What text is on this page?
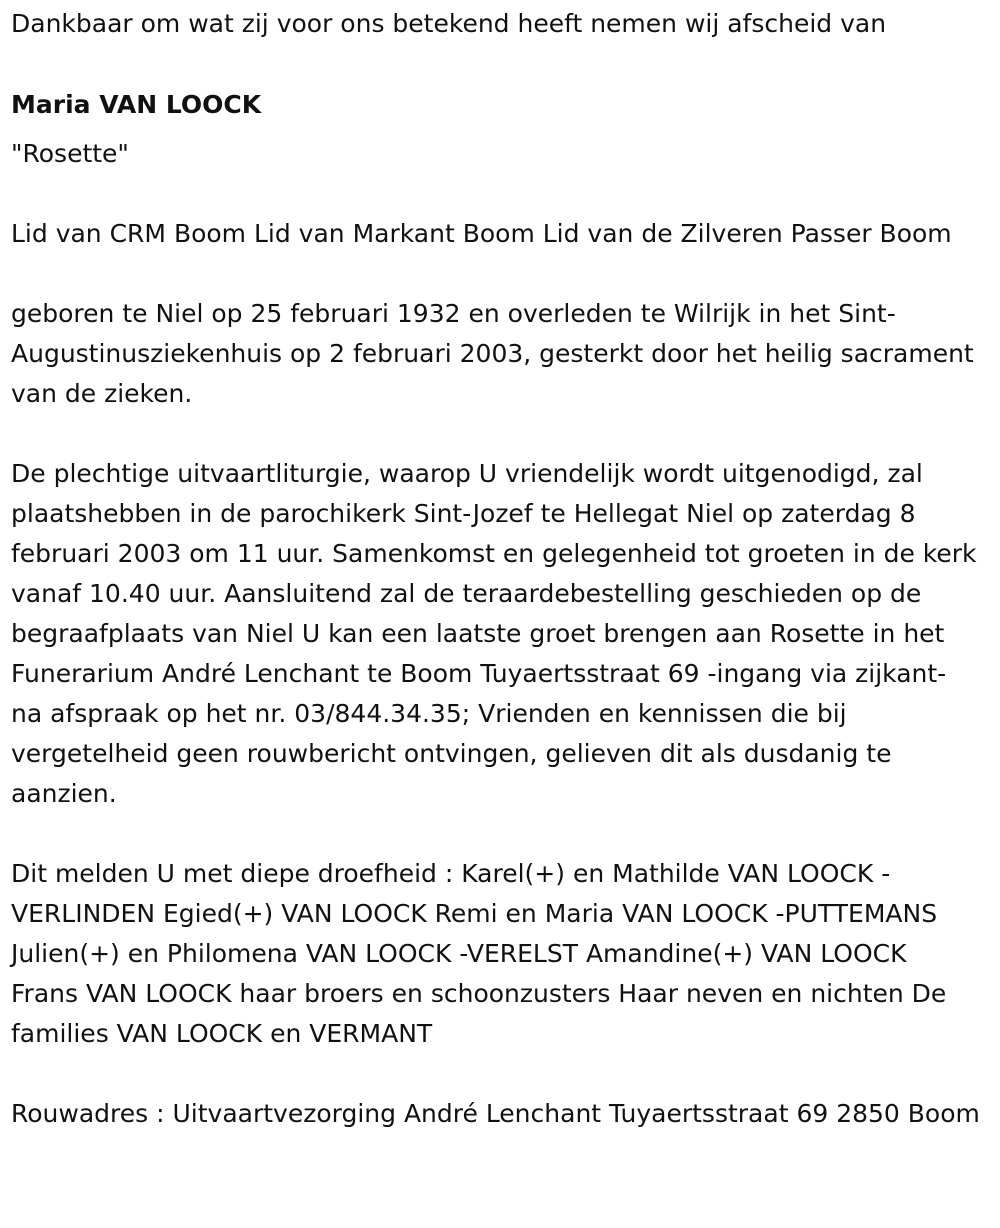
Dankbaar om wat zij voor ons betekend heeft nemen wij afscheid van

Maria VAN LOOCK

"Rosette"

Lid van CRM Boom Lid van Markant Boom Lid van de Zilveren Passer Boom

geboren te Niel op 25 februari 1932 en overleden te Wilrijk in het Sint-Augustinusziekenhuis op 2 februari 2003, gesterkt door het heilig sacrament van de zieken.

De plechtige uitvaartliturgie, waarop U vriendelijk wordt uitgenodigd, zal plaatshebben in de parochikerk Sint-Jozef te Hellegat Niel op zaterdag 8 februari 2003 om 11 uur. Samenkomst en gelegenheid tot groeten in de kerk vanaf 10.40 uur. Aansluitend zal de teraardebestelling geschieden op de begraafplaats van Niel U kan een laatste groet brengen aan Rosette in het Funerarium André Lenchant te Boom Tuyaertsstraat 69 -ingang via zijkant- na afspraak op het nr. 03/844.34.35; Vrienden en kennissen die bij vergetelheid geen rouwbericht ontvingen, gelieven dit als dusdanig te aanzien.

Dit melden U met diepe droefheid : Karel(+) en Mathilde VAN LOOCK -VERLINDEN Egied(+) VAN LOOCK Remi en Maria VAN LOOCK -PUTTEMANS Julien(+) en Philomena VAN LOOCK -VERELST Amandine(+) VAN LOOCK Frans VAN LOOCK haar broers en schoonzusters Haar neven en nichten De families VAN LOOCK en VERMANT

Rouwadres : Uitvaartvezorging André Lenchant Tuyaertsstraat 69 2850 Boom
